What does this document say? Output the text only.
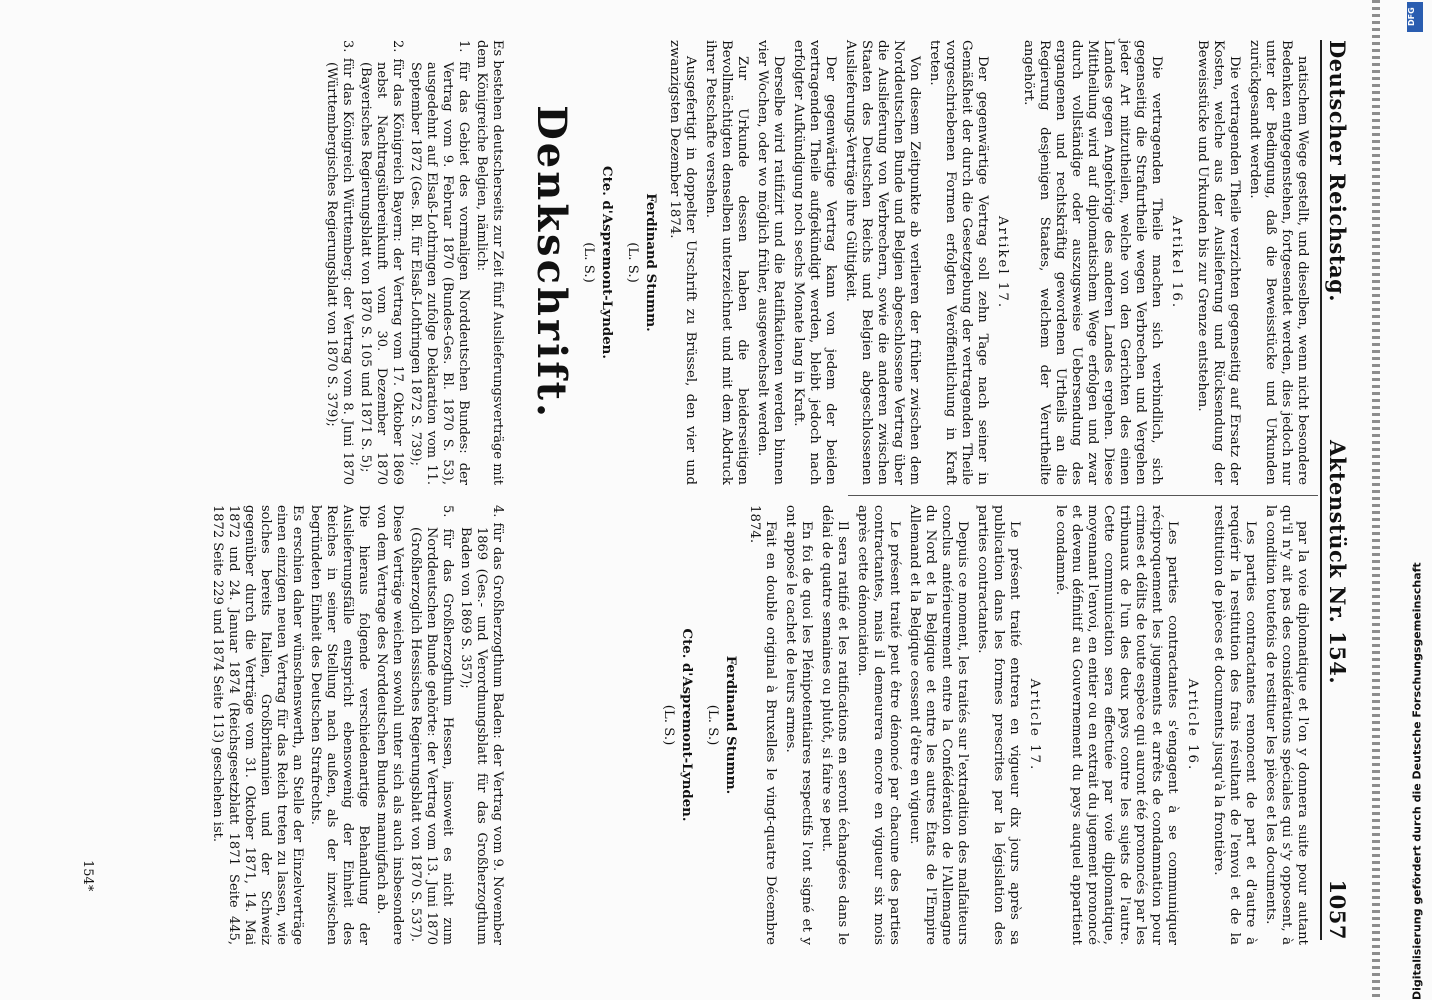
Deutscher Reichstag.
Aktenstück Nr. 154.
1057

natischem Wege gestellt, und dieselben, wenn nicht besondere Bedenken entgegenstehen, fortgesendet werden, dies jedoch nur unter der Bedingung, daß die Beweisstücke und Urkunden zurückgesandt werden.

Die vertragenden Theile verzichten gegenseitig auf Ersatz der Kosten, welche aus der Auslieferung und Rücksendung der Beweisstücke und Urkunden bis zur Grenze entstehen.

Artikel 16.

Die vertragenden Theile machen sich verbindlich, sich gegenseitig die Strafurtheile wegen Verbrechen und Vergehen jeder Art mitzutheilen, welche von den Gerichten des einen Landes gegen Angehörige des anderen Landes ergehen. Diese Mittheilung wird auf diplomatischem Wege erfolgen und zwar durch vollständige oder auszugsweise Uebersendung des ergangenen und rechtskräftig gewordenen Urtheils an die Regierung desjenigen Staates, welchem der Verurtheilte angehört.

Artikel 17.

Der gegenwärtige Vertrag soll zehn Tage nach seiner in Gemäßheit der durch die Gesetzgebung der vertragenden Theile vorgeschriebenen Formen erfolgten Veröffentlichung in Kraft treten.

Von diesem Zeitpunkte ab verlieren der früher zwischen dem Norddeutschen Bunde und Belgien abgeschlossene Vertrag über die Auslieferung von Verbrechern, sowie die anderen zwischen Staaten des Deutschen Reichs und Belgien abgeschlossenen Auslieferungs-Verträge ihre Gültigkeit.

Der gegenwärtige Vertrag kann von jedem der beiden vertragenden Theile aufgekündigt werden, bleibt jedoch nach erfolgter Aufkündigung noch sechs Monate lang in Kraft.

Derselbe wird ratifizirt und die Ratifikationen werden binnen vier Wochen, oder wo möglich früher, ausgewechselt werden.

Zur Urkunde dessen haben die beiderseitigen Bevollmächtigten denselben unterzeichnet und mit dem Abdruck ihrer Petschafte versehen.

Ausgefertigt in doppelter Urschrift zu Brüssel, den vier und zwanzigsten Dezember 1874.

Ferdinand Stumm.

(L. S.)

Cte. d'Aspremont-Lynden.

(L. S.)

par la voie diplomatique et l'on y donnera suite pour autant qu'il n'y ait pas des considérations spéciales qui s'y opposent, à la condition toutefois de restituer les pièces et les documents.

Les parties contractantes renoncent de part et d'autre à requérir la restitution des frais résultant de l'envoi et de la restitution de pièces et documents jusqu'à la frontière.

Article 16.

Les parties contractantes s'engagent à se communiquer réciproquement les jugements et arrêts de condamnation pour crimes et délits de toute espèce qui auront été prononcés par les tribunaux de l'un des deux pays contre les sujets de l'autre. Cette communication sera effectuée par voie diplomatique, moyennant l'envoi, en entier ou en extrait du jugement prononcé et devenu définitif au Gouvernement du pays auquel appartient le condamné.

Article 17.

Le présent traité entrera en vigueur dix jours après sa publication dans les formes prescrites par la législation des parties contractantes.

Depuis ce moment, les traités sur l'extradition des malfaiteurs conclus antérieurement entre la Confédération de l'Allemagne du Nord et la Belgique et entre les autres États de l'Empire Allemand et la Belgique cessent d'être en vigueur.

Le présent traité peut être dénoncé par chacune des parties contractantes, mais il demeurera encore en vigueur six mois après cette dénonciation.

Il sera ratifié et les ratifications en seront échangées dans le délai de quatre semaines ou plutôt, si faire se peut.

En foi de quoi les Plénipotentiaires respectifs l'ont signé et y ont apposé le cachet de leurs armes.

Fait en double original à Bruxelles le vingt-quatre Décembre 1874.

Ferdinand Stumm.

(L. S.)

Cte. d'Aspremont-Lynden.

(L. S.)

Denkschrift.

Es bestehen deutscherseits zur Zeit fünf Auslieferungsverträge mit dem Königreiche Belgien, nämlich:

1. für das Gebiet des vormaligen Norddeutschen Bundes: der Vertrag vom 9. Februar 1870 (Bundes-Ges. Bl. 1870 S. 53), ausgedehnt auf Elsaß-Lothringen zufolge Deklaration vom 11. September 1872 (Ges. Bl. für Elsaß-Lothringen 1872 S. 739);

2. für das Königreich Bayern: der Vertrag vom 17. Oktober 1869 nebst Nachtragsübereinkunft vom 30. Dezember 1870 (Bayerisches Regierungsblatt von 1870 S. 105 und 1871 S. 5);

3. für das Königreich Württemberg: der Vertrag vom 8. Juni 1870 (Württembergisches Regierungsblatt von 1870 S. 379);

4. für das Großherzogthum Baden: der Vertrag vom 9. November 1869 (Ges.- und Verordnungsblatt für das Großherzogthum Baden von 1869 S. 357);

5. für das Großherzogthum Hessen, insoweit es nicht zum Norddeutschen Bunde gehörte: der Vertrag vom 13. Juni 1870 (Großherzoglich Hessisches Regierungsblatt von 1870 S. 537).

Diese Verträge weichen sowohl unter sich als auch insbesondere von dem Vertrage des Norddeutschen Bundes mannigfach ab.

Die hieraus folgende verschiedenartige Behandlung der Auslieferungsfälle entspricht ebensowenig der Einheit des Reiches in seiner Stellung nach außen, als der inzwischen begründeten Einheit des Deutschen Strafrechts.

Es erschien daher wünschenswerth, an Stelle der Einzelverträge einen einzigen neuen Vertrag für das Reich treten zu lassen, wie solches bereits Italien, Großbritannien und der Schweiz gegenüber durch die Verträge vom 31. Oktober 1871, 14. Mai 1872 und 24. Januar 1874 (Reichsgesetzblatt 1871 Seite 445, 1872 Seite 229 und 1874 Seite 113) geschehen ist.

154*	Digitalisierung gefördert durch die Deutsche Forschungsgemeinschaft
DFG
